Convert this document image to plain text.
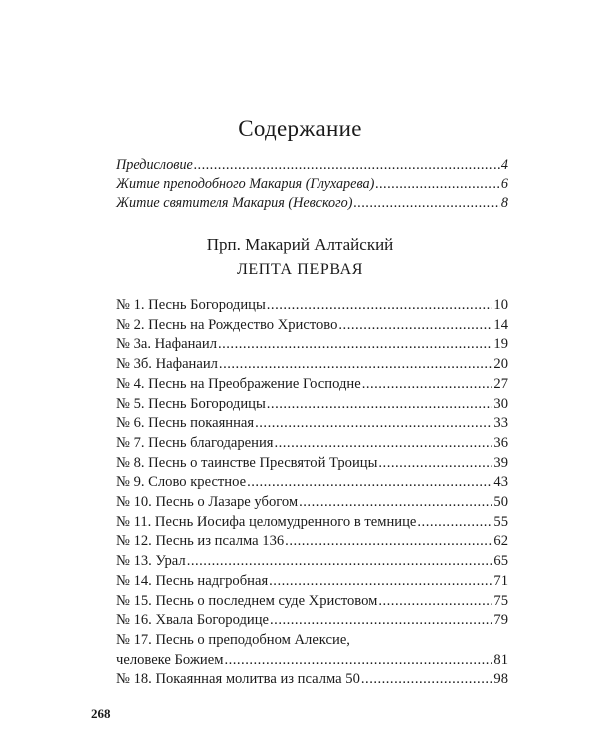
Содержание
Предисловие .....	4
Житие преподобного Макария (Глухарева) .....	6
Житие святителя Макария (Невского) .....	8
Прп. Макарий Алтайский
ЛЕПТА ПЕРВАЯ
№ 1. Песнь Богородицы .....	10
№ 2. Песнь на Рождество Христово .....	14
№ 3а. Нафанаил .....	19
№ 3б. Нафанаил .....	20
№ 4. Песнь на Преображение Господне .....	27
№ 5. Песнь Богородицы .....	30
№ 6. Песнь покаянная .....	33
№ 7. Песнь благодарения .....	36
№ 8. Песнь о таинстве Пресвятой Троицы .....	39
№ 9. Слово крестное .....	43
№ 10. Песнь о Лазаре убогом .....	50
№ 11. Песнь Иосифа целомудренного в темнице .....	55
№ 12. Песнь из псалма 136 .....	62
№ 13. Урал .....	65
№ 14. Песнь надгробная .....	71
№ 15. Песнь о последнем суде Христовом .....	75
№ 16. Хвала Богородице .....	79
№ 17. Песнь о преподобном Алексие,
человеке Божием .....	81
№ 18. Покаянная молитва из псалма 50 .....	98
268
